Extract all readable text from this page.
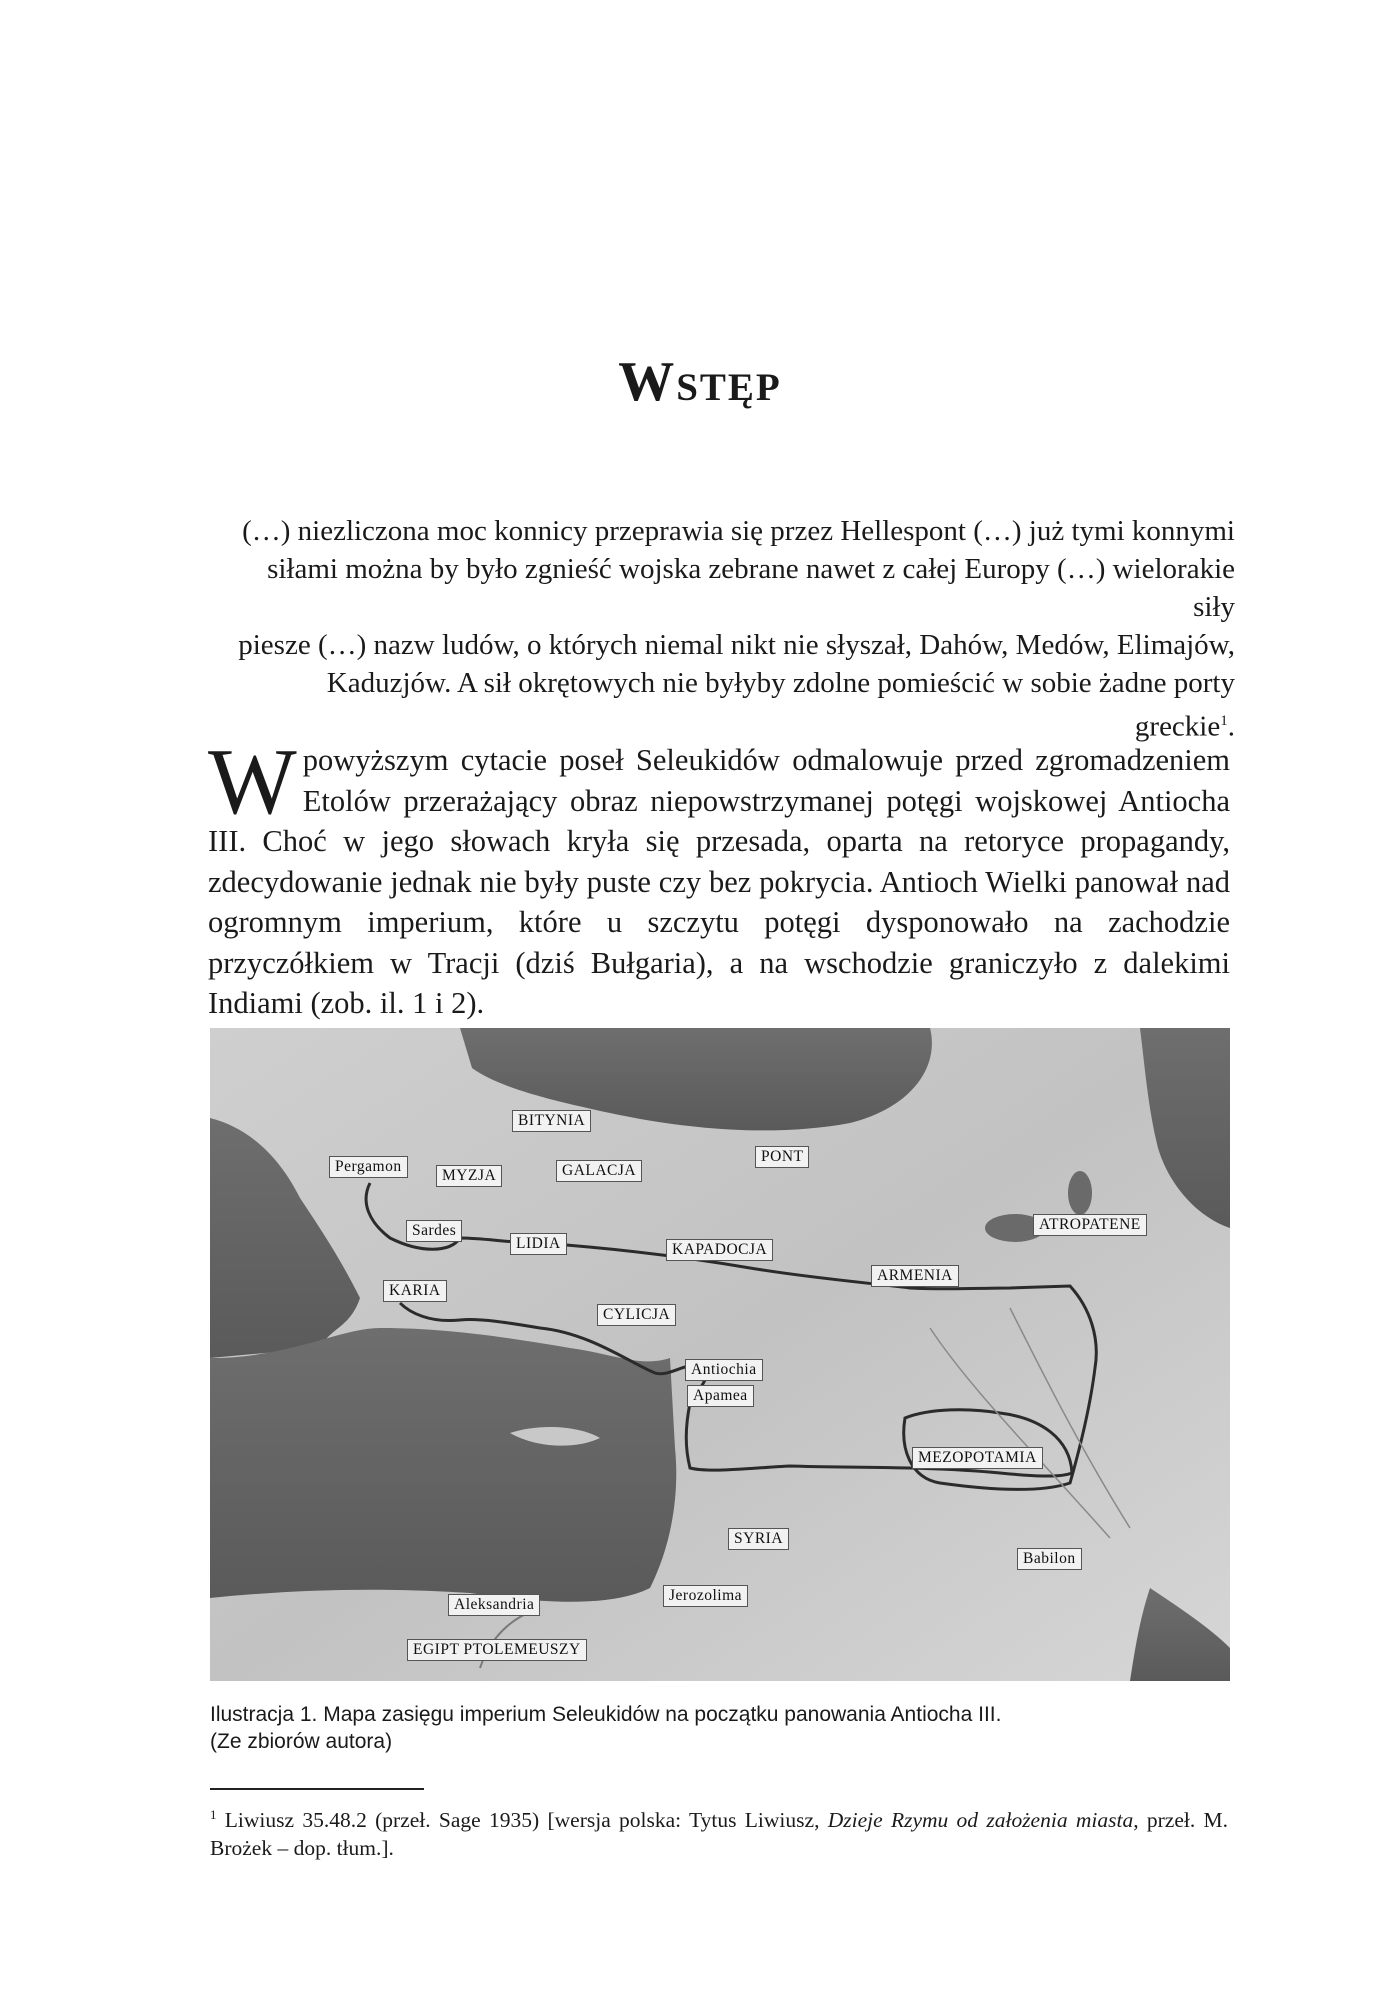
Wstęp

(…) niezliczona moc konnicy przeprawia się przez Hellespont (…) już tymi konnymi
siłami można by było zgnieść wojska zebrane nawet z całej Europy (…) wielorakie siły
piesze (…) nazw ludów, o których niemal nikt nie słyszał, Dahów, Medów, Elimajów,
Kaduzjów. A sił okrętowych nie byłyby zdolne pomieścić w sobie żadne porty greckie$^1$.

Wpowyższym cytacie poseł Seleukidów odmalowuje przed zgromadzeniem Etolów przerażający obraz niepowstrzymanej potęgi wojskowej Antiocha III. Choć w jego słowach kryła się przesada, oparta na retoryce propagandy, zdecydowanie jednak nie były puste czy bez pokrycia. Antioch Wielki panował nad ogromnym imperium, które u szczytu potęgi dysponowało na zachodzie przyczółkiem w Tracji (dziś Bułgaria), a na wschodzie graniczyło z dalekimi Indiami (zob. il. 1 i 2).

BITYNIA
Pergamon
MYZJA	GALACJA
PONT
Sardes
LIDIA	KAPADOCJA
ATROPATENE
ARMENIA
KARIA
CYLICJA
Antiochia
Apamea
MEZOPOTAMIA
SYRIA
Babilon
Jerozolima
Aleksandria
EGIPT PTOLEMEUSZY

Ilustracja 1. Mapa zasięgu imperium Seleukidów na początku panowania Antiocha III.
(Ze zbiorów autora)

$^1$ Liwiusz 35.48.2 (przeł. Sage 1935) [wersja polska: Tytus Liwiusz, Dzieje Rzymu od założenia miasta, przeł. M. Brożek – dop. tłum.].
